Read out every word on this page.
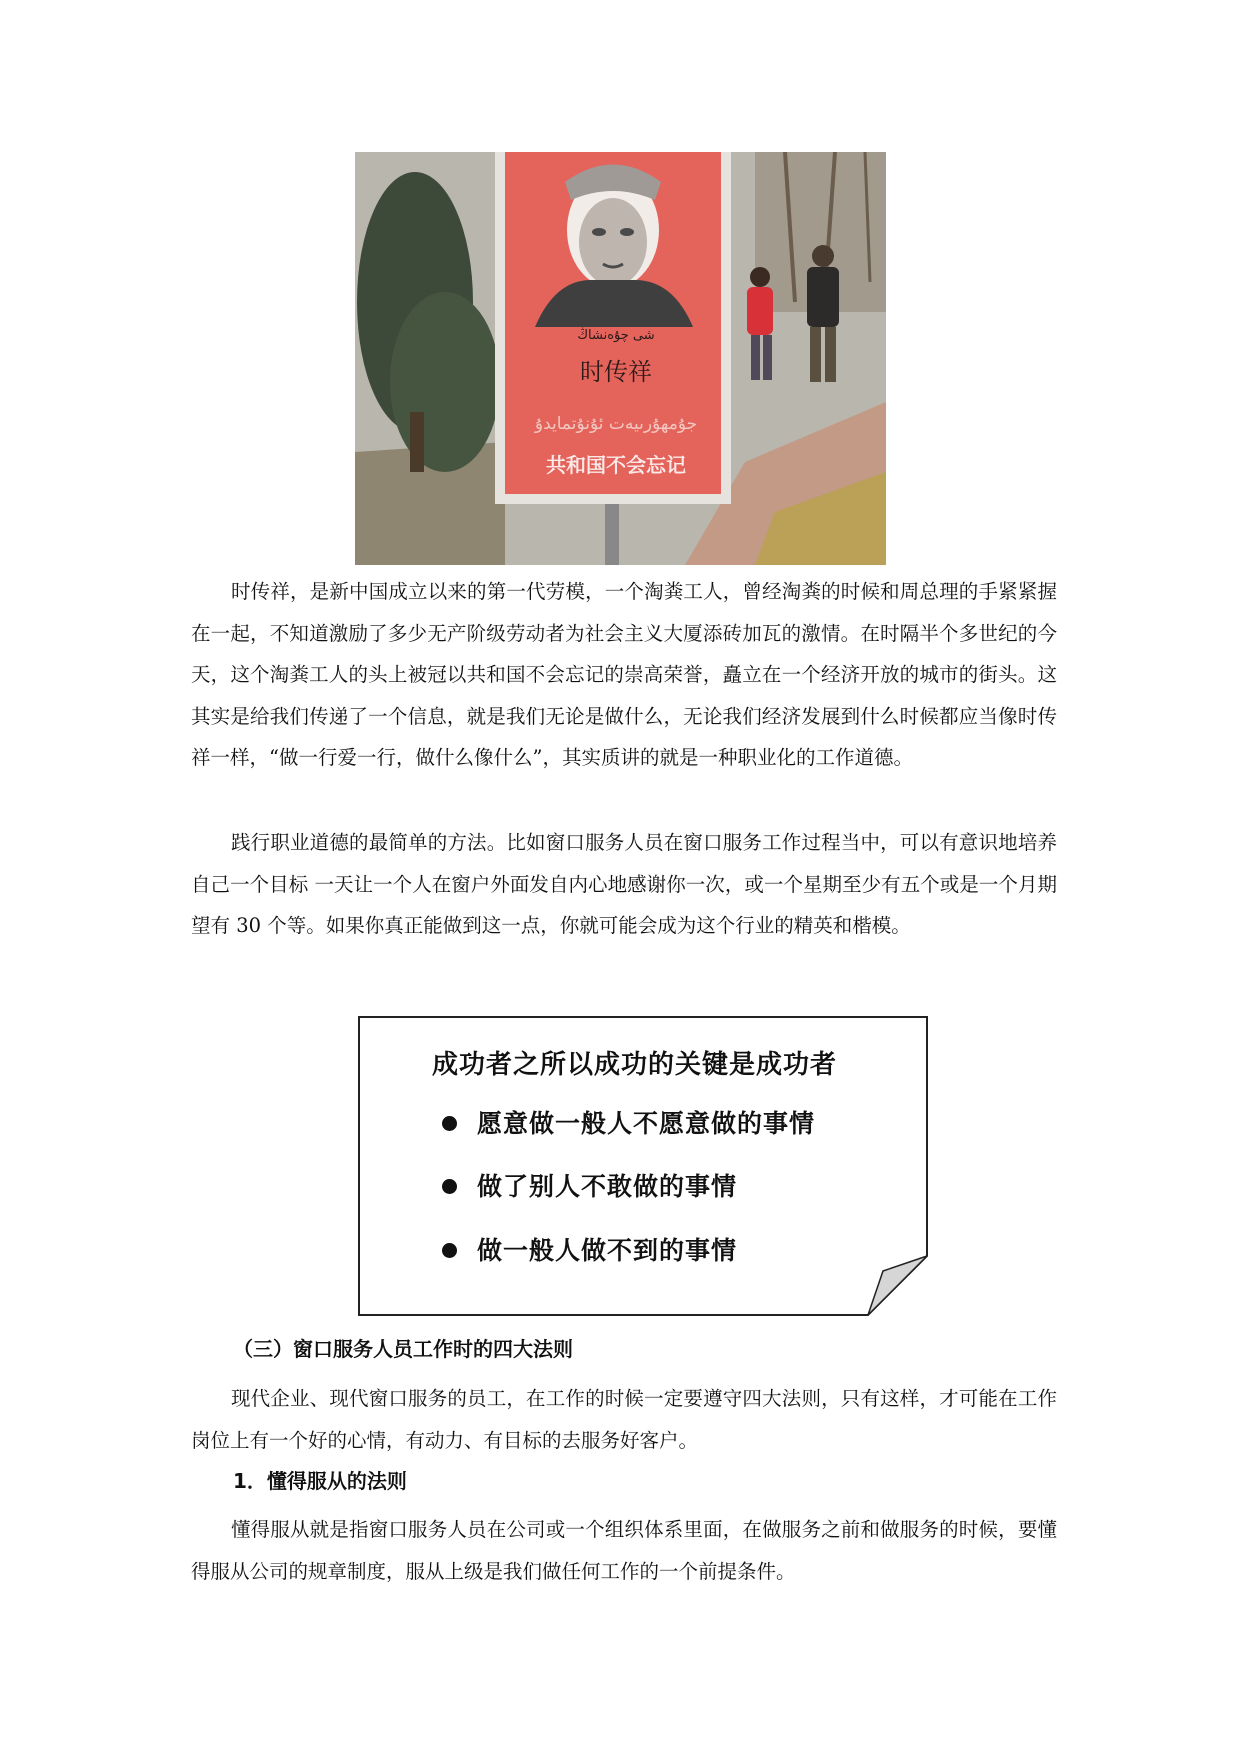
شى چۇەنشاڭ
时传祥
جۇمھۇرىيەت ئۇنۇتمايدۇ
共和国不会忘记

时传祥，是新中国成立以来的第一代劳模，一个淘粪工人，曾经淘粪的时候和周总理的手紧紧握在一起，不知道激励了多少无产阶级劳动者为社会主义大厦添砖加瓦的激情。在时隔半个多世纪的今天，这个淘粪工人的头上被冠以共和国不会忘记的崇高荣誉，矗立在一个经济开放的城市的街头。这其实是给我们传递了一个信息，就是我们无论是做什么，无论我们经济发展到什么时候都应当像时传祥一样，“做一行爱一行，做什么像什么”，其实质讲的就是一种职业化的工作道德。

践行职业道德的最简单的方法。比如窗口服务人员在窗口服务工作过程当中，可以有意识地培养自己一个目标 一天让一个人在窗户外面发自内心地感谢你一次，或一个星期至少有五个或是一个月期望有 30 个等。如果你真正能做到这一点，你就可能会成为这个行业的精英和楷模。

成功者之所以成功的关键是成功者

愿意做一般人不愿意做的事情
做了别人不敢做的事情
做一般人做不到的事情
（三）窗口服务人员工作时的四大法则

现代企业、现代窗口服务的员工，在工作的时候一定要遵守四大法则，只有这样，才可能在工作岗位上有一个好的心情，有动力、有目标的去服务好客户。

1．懂得服从的法则

懂得服从就是指窗口服务人员在公司或一个组织体系里面，在做服务之前和做服务的时候，要懂得服从公司的规章制度，服从上级是我们做任何工作的一个前提条件。
